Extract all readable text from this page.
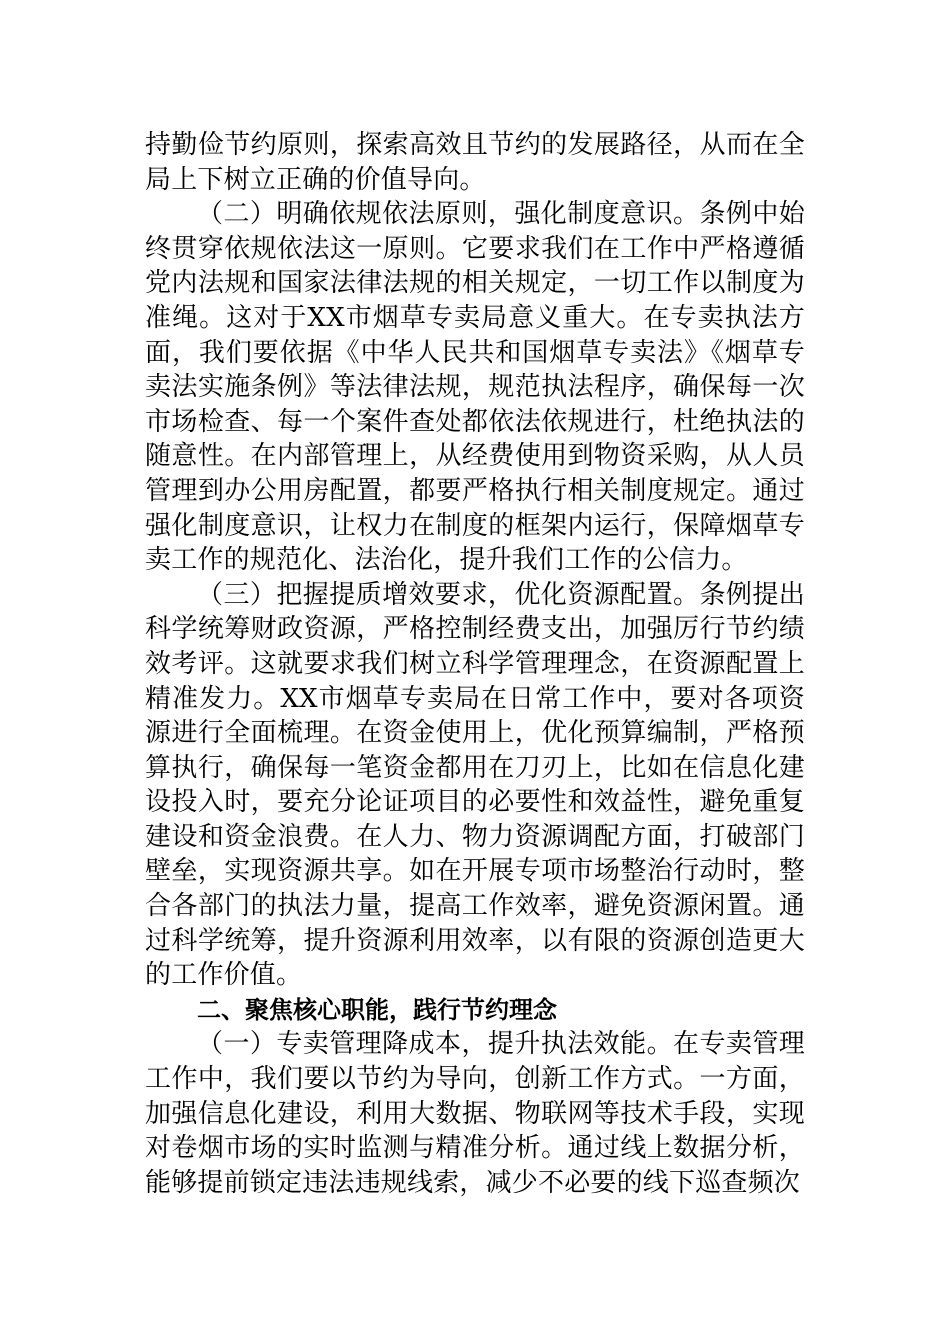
持勤俭节约原则，探索高效且节约的发展路径，从而在全局上下树立正确的价值导向。

（二）明确依规依法原则，强化制度意识。条例中始终贯穿依规依法这一原则。它要求我们在工作中严格遵循党内法规和国家法律法规的相关规定，一切工作以制度为准绳。这对于XX市烟草专卖局意义重大。在专卖执法方面，我们要依据《中华人民共和国烟草专卖法》《烟草专卖法实施条例》等法律法规，规范执法程序，确保每一次市场检查、每一个案件查处都依法依规进行，杜绝执法的随意性。在内部管理上，从经费使用到物资采购，从人员管理到办公用房配置，都要严格执行相关制度规定。通过强化制度意识，让权力在制度的框架内运行，保障烟草专卖工作的规范化、法治化，提升我们工作的公信力。

（三）把握提质增效要求，优化资源配置。条例提出科学统筹财政资源，严格控制经费支出，加强厉行节约绩效考评。这就要求我们树立科学管理理念，在资源配置上精准发力。XX市烟草专卖局在日常工作中，要对各项资源进行全面梳理。在资金使用上，优化预算编制，严格预算执行，确保每一笔资金都用在刀刃上，比如在信息化建设投入时，要充分论证项目的必要性和效益性，避免重复建设和资金浪费。在人力、物力资源调配方面，打破部门壁垒，实现资源共享。如在开展专项市场整治行动时，整合各部门的执法力量，提高工作效率，避免资源闲置。通过科学统筹，提升资源利用效率，以有限的资源创造更大的工作价值。

二、聚焦核心职能，践行节约理念

（一）专卖管理降成本，提升执法效能。在专卖管理工作中，我们要以节约为导向，创新工作方式。一方面，加强信息化建设，利用大数据、物联网等技术手段，实现对卷烟市场的实时监测与精准分析。通过线上数据分析，能够提前锁定违法违规线索，减少不必要的线下巡查频次
